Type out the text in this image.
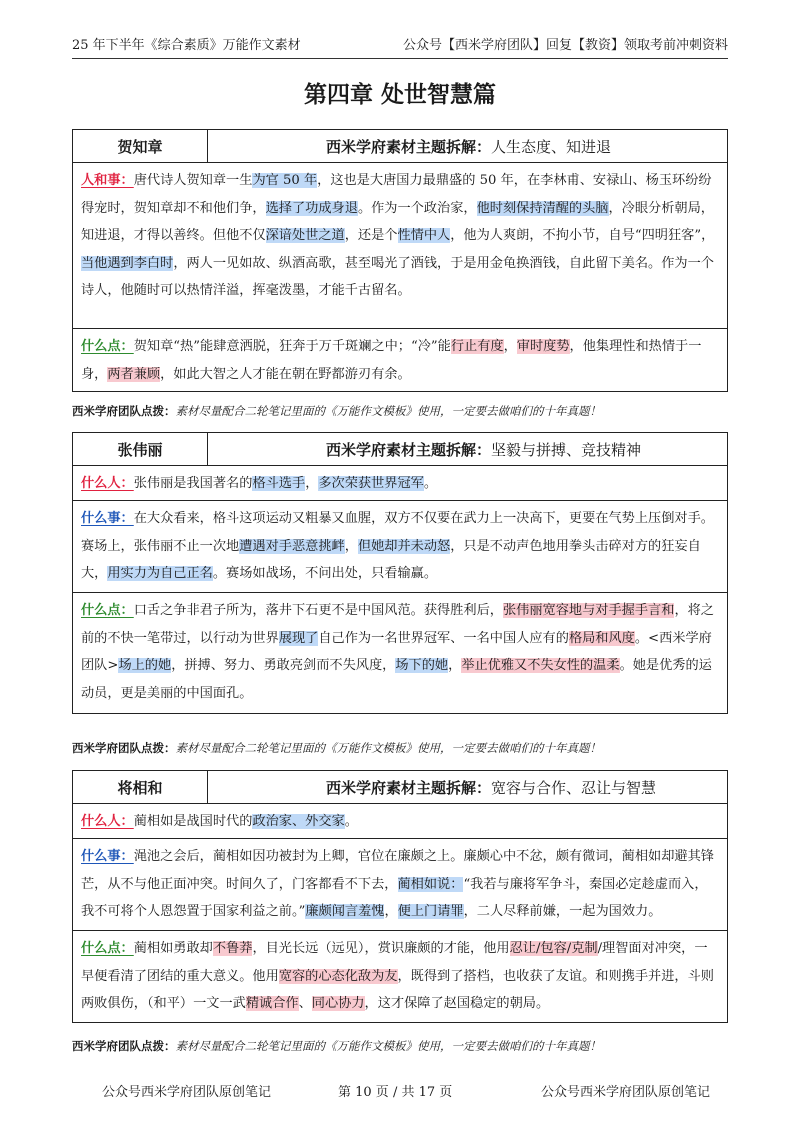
25 年下半年《综合素质》万能作文素材	公众号【西米学府团队】回复【教资】领取考前冲刺资料
第四章 处世智慧篇
贺知章	西米学府素材主题拆解： 人生态度、知进退
人和事：唐代诗人贺知章一生为官 50 年，这也是大唐国力最鼎盛的 50 年，在李林甫、安禄山、杨玉环纷纷得宠时，贺知章却不和他们争，选择了功成身退。作为一个政治家，他时刻保持清醒的头脑，冷眼分析朝局，知进退，才得以善终。但他不仅深谙处世之道，还是个性情中人，他为人爽朗，不拘小节，自号“四明狂客”，当他遇到李白时，两人一见如故、纵酒高歌，甚至喝光了酒钱，于是用金龟换酒钱，自此留下美名。作为一个诗人，他随时可以热情洋溢，挥毫泼墨，才能千古留名。
什么点：贺知章“热”能肆意洒脱，狂奔于万千斑斓之中；“冷”能行止有度，审时度势，他集理性和热情于一身，两者兼顾，如此大智之人才能在朝在野都游刃有余。
西米学府团队点拨：素材尽量配合二轮笔记里面的《万能作文模板》使用，一定要去做咱们的十年真题！
张伟丽	西米学府素材主题拆解： 坚毅与拼搏、竞技精神
什么人：张伟丽是我国著名的格斗选手，多次荣获世界冠军。
什么事：在大众看来，格斗这项运动又粗暴又血腥，双方不仅要在武力上一决高下，更要在气势上压倒对手。赛场上，张伟丽不止一次地遭遇对手恶意挑衅，但她却并未动怒，只是不动声色地用拳头击碎对方的狂妄自大，用实力为自己正名。赛场如战场，不问出处，只看输赢。
什么点：口舌之争非君子所为，落井下石更不是中国风范。获得胜利后，张伟丽宽容地与对手握手言和，将之前的不快一笔带过，以行动为世界展现了自己作为一名世界冠军、一名中国人应有的格局和风度。<西米学府团队>场上的她，拼搏、努力、勇敢亮剑而不失风度，场下的她，举止优雅又不失女性的温柔。她是优秀的运动员，更是美丽的中国面孔。
西米学府团队点拨：素材尽量配合二轮笔记里面的《万能作文模板》使用，一定要去做咱们的十年真题！
将相和	西米学府素材主题拆解： 宽容与合作、忍让与智慧
什么人：蔺相如是战国时代的政治家、外交家。
什么事：渑池之会后，蔺相如因功被封为上卿，官位在廉颇之上。廉颇心中不忿，颇有微词，蔺相如却避其锋芒，从不与他正面冲突。时间久了，门客都看不下去，蔺相如说：“我若与廉将军争斗，秦国必定趁虚而入，我不可将个人恩怨置于国家利益之前。”廉颇闻言羞愧，便上门请罪，二人尽释前嫌，一起为国效力。
什么点：蔺相如勇敢却不鲁莽，目光长远（远见），赏识廉颇的才能，他用忍让/包容/克制/理智面对冲突，一早便看清了团结的重大意义。他用宽容的心态化敌为友，既得到了搭档，也收获了友谊。和则携手并进，斗则两败俱伤，（和平）一文一武精诚合作、同心协力，这才保障了赵国稳定的朝局。
西米学府团队点拨：素材尽量配合二轮笔记里面的《万能作文模板》使用，一定要去做咱们的十年真题！
公众号西米学府团队原创笔记	第 10 页 / 共 17 页	公众号西米学府团队原创笔记
